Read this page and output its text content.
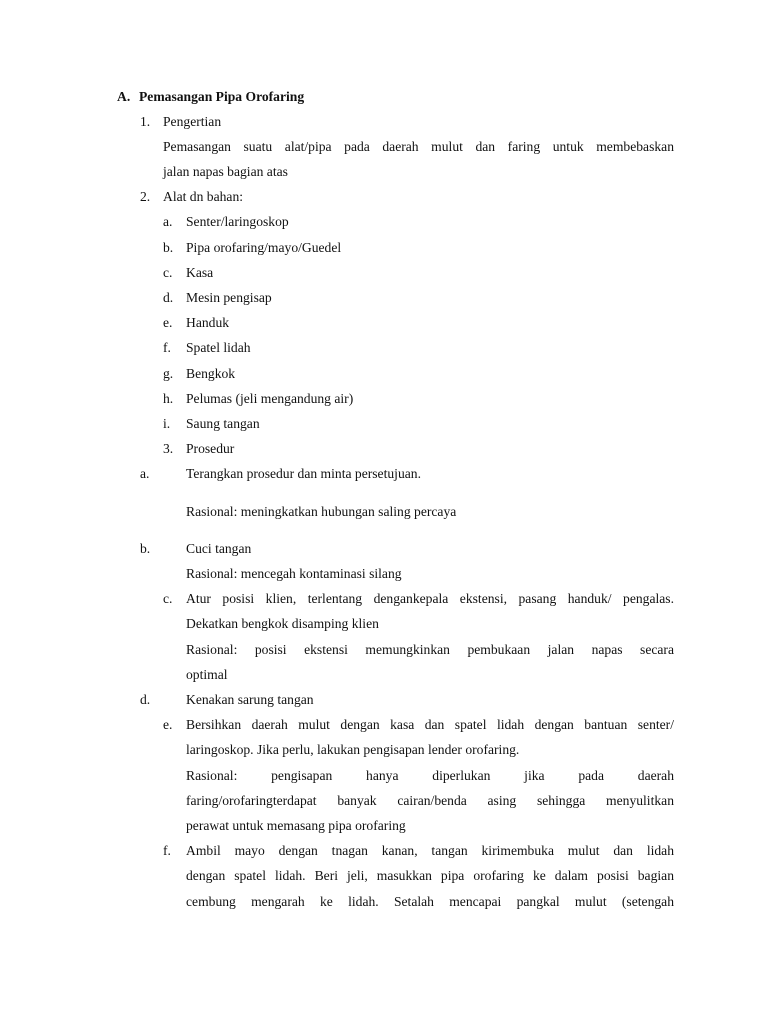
A. Pemasangan Pipa Orofaring
1. Pengertian
Pemasangan suatu alat/pipa pada daerah mulut dan faring untuk membebaskan
jalan napas bagian atas
2. Alat dn bahan:
a. Senter/laringoskop
b. Pipa orofaring/mayo/Guedel
c. Kasa
d. Mesin pengisap
e. Handuk
f. Spatel lidah
g. Bengkok
h. Pelumas (jeli mengandung air)
i. Saung tangan
3. Prosedur
a.	Terangkan prosedur dan minta persetujuan.
Rasional: meningkatkan hubungan saling percaya
b.	Cuci tangan
Rasional: mencegah kontaminasi silang
c. Atur posisi klien, terlentang dengankepala ekstensi, pasang handuk/ pengalas.
Dekatkan bengkok disamping klien
Rasional: posisi ekstensi memungkinkan pembukaan jalan napas secara
optimal
d.	Kenakan sarung tangan
e. Bersihkan daerah mulut dengan kasa dan spatel lidah dengan bantuan senter/
laringoskop. Jika perlu, lakukan pengisapan lender orofaring.
Rasional: pengisapan hanya diperlukan jika pada daerah
faring/orofaringterdapat banyak cairan/benda asing sehingga menyulitkan
perawat untuk memasang pipa orofaring
f. Ambil mayo dengan tnagan kanan, tangan kirimembuka mulut dan lidah
dengan spatel lidah. Beri jeli, masukkan pipa orofaring ke dalam posisi bagian
cembung mengarah ke lidah. Setalah mencapai pangkal mulut (setengah
